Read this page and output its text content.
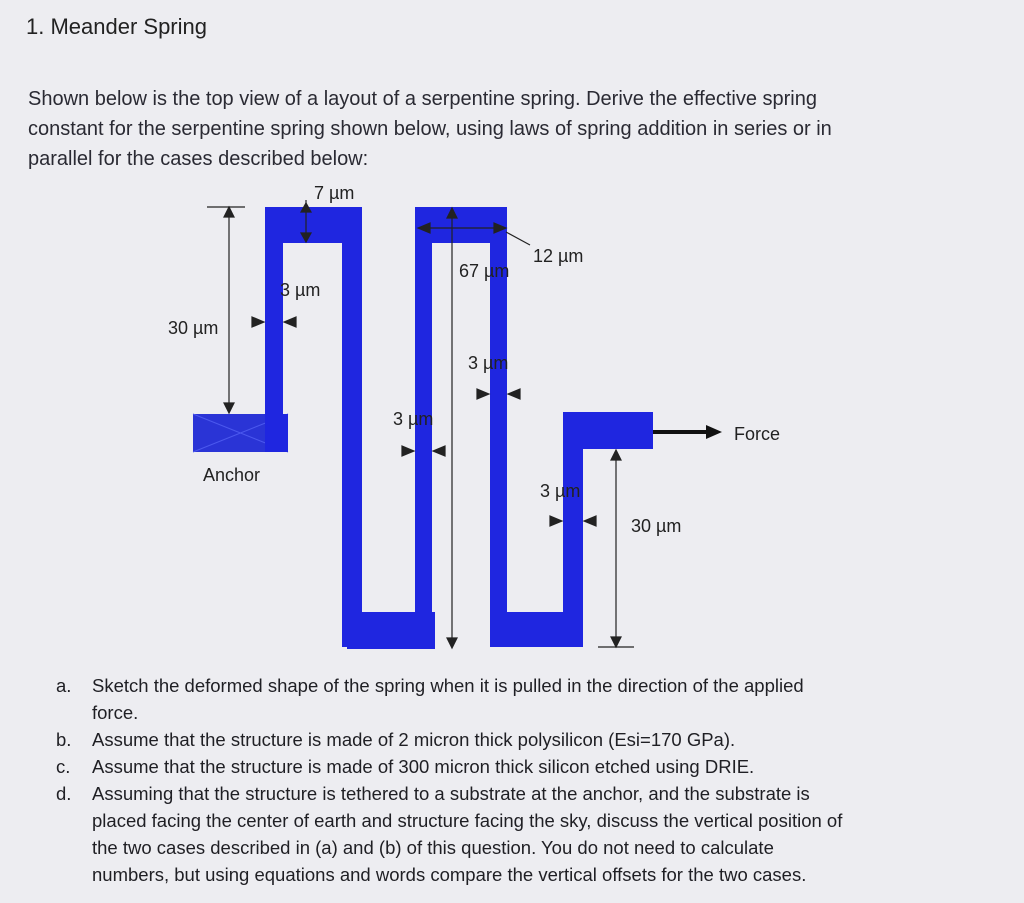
1. Meander Spring
Shown below is the top view of a layout of a serpentine spring. Derive the effective spring
constant for the serpentine spring shown below, using laws of spring addition in series or in
parallel for the cases described below:
7 µm
3 µm
30 µm
67 µm
12 µm
3 µm
3 µm
3 µm
30 µm
Anchor
Force
a. Sketch the deformed shape of the spring when it is pulled in the direction of the applied
force.
b. Assume that the structure is made of 2 micron thick polysilicon (Esi=170 GPa).
c. Assume that the structure is made of 300 micron thick silicon etched using DRIE.
d. Assuming that the structure is tethered to a substrate at the anchor, and the substrate is
placed facing the center of earth and structure facing the sky, discuss the vertical position of
the two cases described in (a) and (b) of this question. You do not need to calculate
numbers, but using equations and words compare the vertical offsets for the two cases.
